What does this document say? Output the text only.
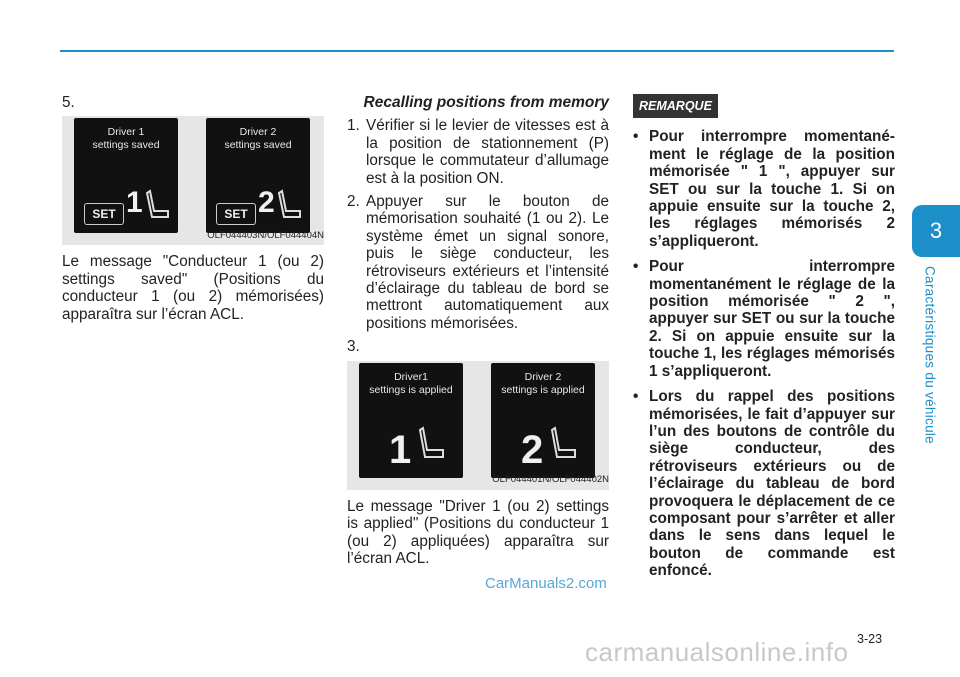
3
Caractéristiques du véhicule

5.

Driver 1
settings saved
SET 1
Driver 2
settings saved
SET 2
OLF044403N/OLF044404N

Le message "Conducteur 1 (ou 2) settings saved" (Positions du conducteur 1 (ou 2) mémorisées) apparaîtra sur l’écran ACL.

Recalling positions from memory
1. Vérifier si le levier de vitesses est à la position de stationnement (P) lorsque le commutateur d’allumage est à la position ON.
2. Appuyer sur le bouton de mémorisation souhaité (1 ou 2). Le système émet un signal sonore, puis le siège conducteur, les rétroviseurs extérieurs et l’intensité d’éclairage du tableau de bord se mettront automatiquement aux positions mémorisées.

3.

Driver1
settings is applied
1
Driver 2
settings is applied
2
OLF044401N/OLF044402N

Le message "Driver 1 (ou 2) settings is applied" (Positions du conducteur 1 (ou 2) appliquées) apparaîtra sur l’écran ACL.

REMARQUE
• Pour interrompre momentané-ment le réglage de la position mémorisée " 1 ", appuyer sur SET ou sur la touche 1. Si on appuie ensuite sur la touche 2, les réglages mémorisés 2 s’appliqueront.
• Pour interrompre momentanément le réglage de la position mémorisée " 2 ", appuyer sur SET ou sur la touche 2. Si on appuie ensuite sur la touche 1, les réglages mémorisés 1 s’appliqueront.
• Lors du rappel des positions mémorisées, le fait d’appuyer sur l’un des boutons de contrôle du siège conducteur, des rétroviseurs extérieurs ou de l’éclairage du tableau de bord provoquera le déplacement de ce composant pour s’arrêter et aller dans le sens dans lequel le bouton de commande est enfoncé.
CarManuals2.com
3-23
carmanualsonline.info
